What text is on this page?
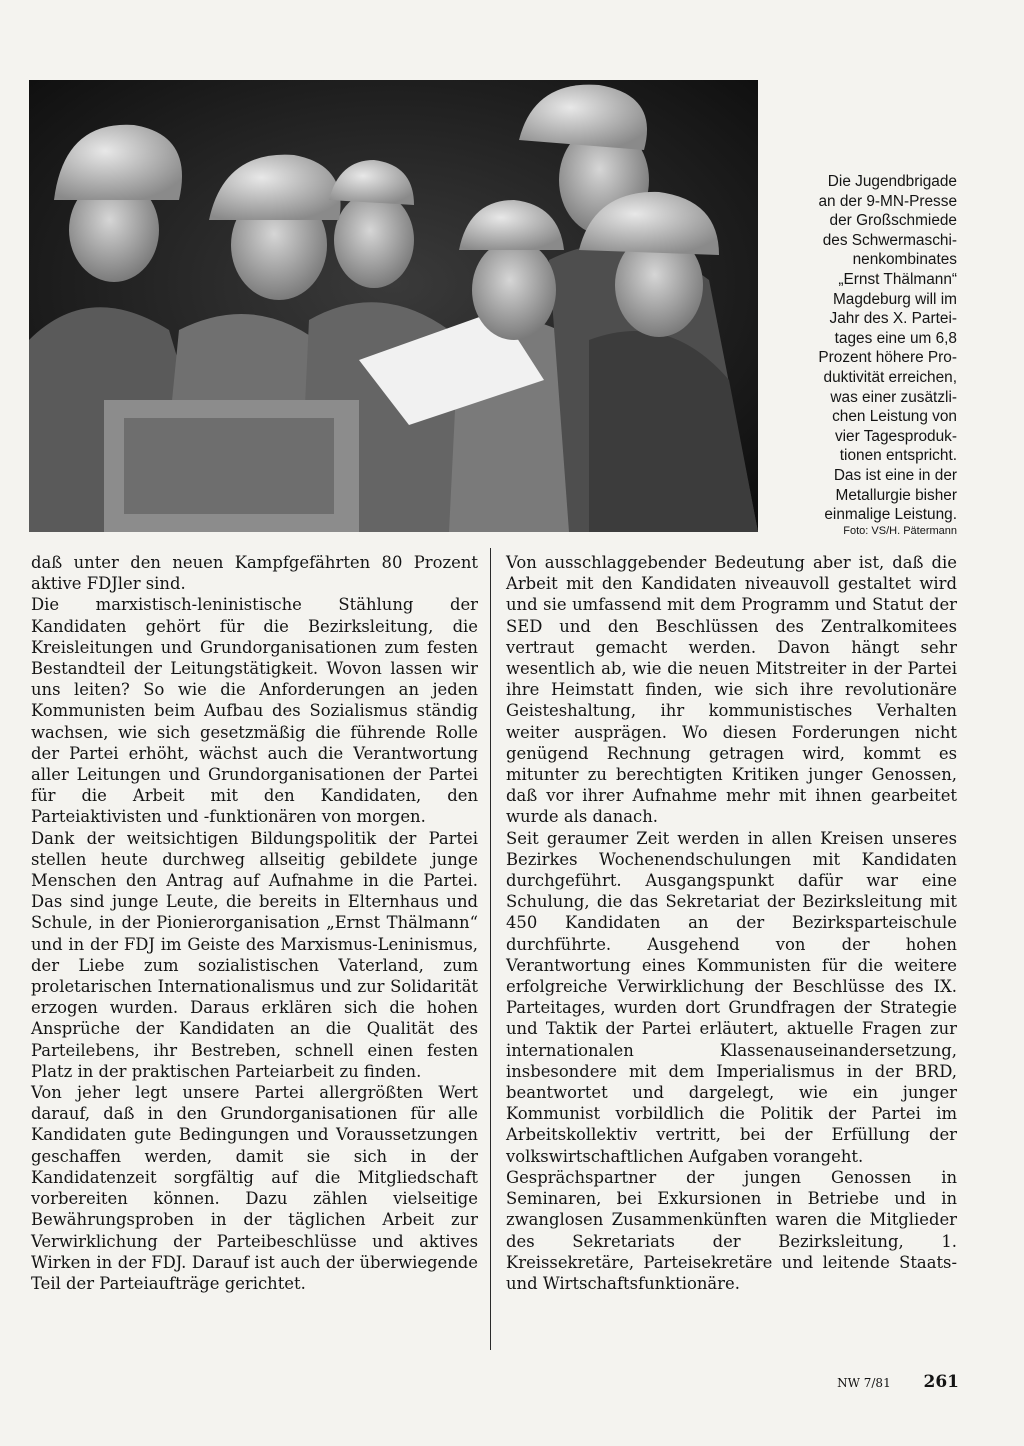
Die Jugendbrigade
an der 9-MN-Presse
der Großschmiede
des Schwermaschi-
nenkombinates
„Ernst Thälmann“
Magdeburg will im
Jahr des X. Partei-
tages eine um 6,8
Prozent höhere Pro-
duktivität erreichen,
was einer zusätzli-
chen Leistung von
vier Tagesproduk-
tionen entspricht.
Das ist eine in der
Metallurgie bisher
einmalige Leistung.
Foto: VS/H. Pätermann

daß unter den neuen Kampfgefährten 80 Prozent aktive FDJler sind.

Die marxistisch-leninistische Stählung der Kandidaten gehört für die Bezirksleitung, die Kreisleitungen und Grundorganisationen zum festen Bestandteil der Leitungstätigkeit. Wovon lassen wir uns leiten? So wie die Anforderungen an jeden Kommunisten beim Aufbau des Sozialismus ständig wachsen, wie sich gesetzmäßig die führende Rolle der Partei erhöht, wächst auch die Verantwortung aller Leitungen und Grundorganisationen der Partei für die Arbeit mit den Kandidaten, den Parteiaktivisten und -funktionären von morgen.

Dank der weitsichtigen Bildungspolitik der Partei stellen heute durchweg allseitig gebildete junge Menschen den Antrag auf Aufnahme in die Partei. Das sind junge Leute, die bereits in Elternhaus und Schule, in der Pionierorganisation „Ernst Thälmann“ und in der FDJ im Geiste des Marxismus-Leninismus, der Liebe zum sozialistischen Vaterland, zum proletarischen Internationalismus und zur Solidarität erzogen wurden. Daraus erklären sich die hohen Ansprüche der Kandidaten an die Qualität des Parteilebens, ihr Bestreben, schnell einen festen Platz in der praktischen Parteiarbeit zu finden.

Von jeher legt unsere Partei allergrößten Wert darauf, daß in den Grundorganisationen für alle Kandidaten gute Bedingungen und Voraussetzungen geschaffen werden, damit sie sich in der Kandidatenzeit sorgfältig auf die Mitgliedschaft vorbereiten können. Dazu zählen vielseitige Bewährungsproben in der täglichen Arbeit zur Verwirklichung der Parteibeschlüsse und aktives Wirken in der FDJ. Darauf ist auch der überwiegende Teil der Parteiaufträge gerichtet.

Von ausschlaggebender Bedeutung aber ist, daß die Arbeit mit den Kandidaten niveauvoll gestaltet wird und sie umfassend mit dem Programm und Statut der SED und den Beschlüssen des Zentralkomitees vertraut gemacht werden. Davon hängt sehr wesentlich ab, wie die neuen Mitstreiter in der Partei ihre Heimstatt finden, wie sich ihre revolutionäre Geisteshaltung, ihr kommunistisches Verhalten weiter ausprägen. Wo diesen Forderungen nicht genügend Rechnung getragen wird, kommt es mitunter zu berechtigten Kritiken junger Genossen, daß vor ihrer Aufnahme mehr mit ihnen gearbeitet wurde als danach.

Seit geraumer Zeit werden in allen Kreisen unseres Bezirkes Wochenendschulungen mit Kandidaten durchgeführt. Ausgangspunkt dafür war eine Schulung, die das Sekretariat der Bezirksleitung mit 450 Kandidaten an der Bezirksparteischule durchführte. Ausgehend von der hohen Verantwortung eines Kommunisten für die weitere erfolgreiche Verwirklichung der Beschlüsse des IX. Parteitages, wurden dort Grundfragen der Strategie und Taktik der Partei erläutert, aktuelle Fragen zur internationalen Klassenauseinandersetzung, insbesondere mit dem Imperialismus in der BRD, beantwortet und dargelegt, wie ein junger Kommunist vorbildlich die Politik der Partei im Arbeitskollektiv vertritt, bei der Erfüllung der volkswirtschaftlichen Aufgaben vorangeht.

Gesprächspartner der jungen Genossen in Seminaren, bei Exkursionen in Betriebe und in zwanglosen Zusammenkünften waren die Mitglieder des Sekretariats der Bezirksleitung, 1. Kreissekretäre, Parteisekretäre und leitende Staats- und Wirtschaftsfunktionäre.

NW 7/81 261
